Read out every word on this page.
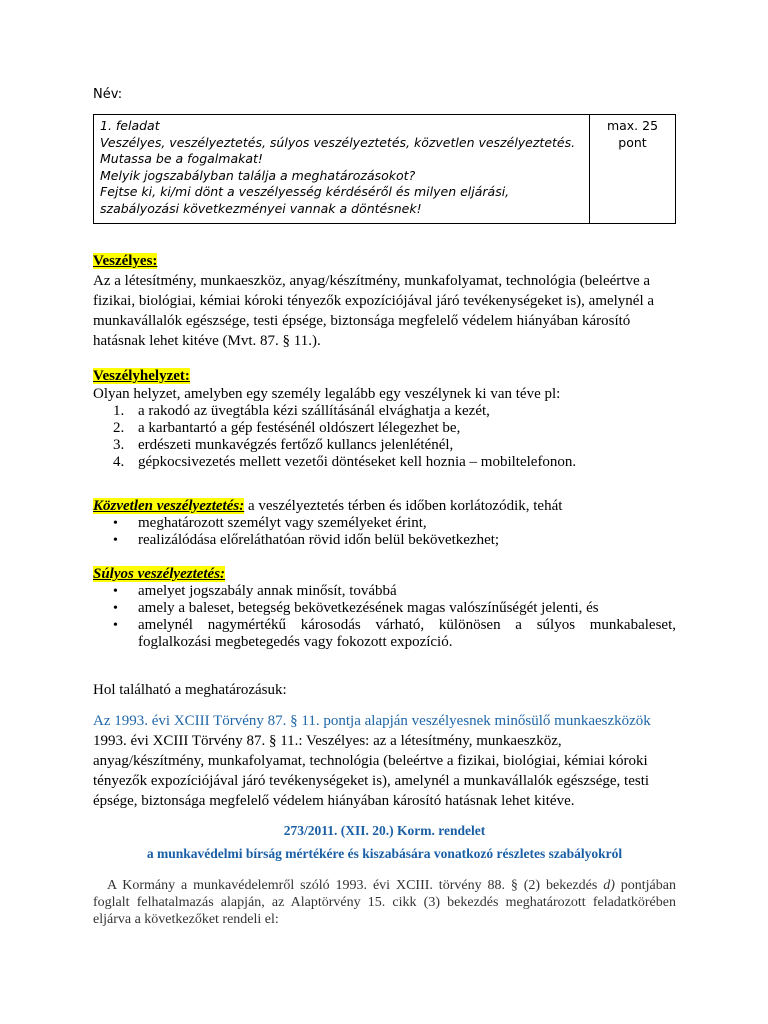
Név:
1. feladat
Veszélyes, veszélyeztetés, súlyos veszélyeztetés, közvetlen veszélyeztetés. Mutassa be a fogalmakat!
Melyik jogszabályban találja a meghatározásokot?
Fejtse ki, ki/mi dönt a veszélyesség kérdéséről és milyen eljárási, szabályozási következményei vannak a döntésnek!
	max. 25 pont
Veszélyes:
Az a létesítmény, munkaeszköz, anyag/készítmény, munkafolyamat, technológia (beleértve a fizikai, biológiai, kémiai kóroki tényezők expozíciójával járó tevékenységeket is), amelynél a munkavállalók egészsége, testi épsége, biztonsága megfelelő védelem hiányában károsító hatásnak lehet kitéve (Mvt. 87. § 11.).
Veszélyhelyzet:
Olyan helyzet, amelyben egy személy legalább egy veszélynek ki van téve pl:
1. a rakodó az üvegtábla kézi szállításánál elvághatja a kezét,
2. a karbantartó a gép festésénél oldószert lélegezhet be,
3. erdészeti munkavégzés fertőző kullancs jelenléténél,
4. gépkocsivezetés mellett vezetői döntéseket kell hoznia – mobiltelefonon.
Közvetlen veszélyeztetés: a veszélyeztetés térben és időben korlátozódik, tehát
• meghatározott személyt vagy személyeket érint,
• realizálódása előreláthatóan rövid időn belül bekövetkezhet;
Súlyos veszélyeztetés:
• amelyet jogszabály annak minősít, továbbá
• amely a baleset, betegség bekövetkezésének magas valószínűségét jelenti, és
• amelynél nagymértékű károsodás várható, különösen a súlyos munkabaleset, foglalkozási megbetegedés vagy fokozott expozíció.
Hol található a meghatározásuk:
Az 1993. évi XCIII Törvény 87. § 11. pontja alapján veszélyesnek minősülő munkaeszközök
1993. évi XCIII Törvény 87. § 11.: Veszélyes: az a létesítmény, munkaeszköz, anyag/készítmény, munkafolyamat, technológia (beleértve a fizikai, biológiai, kémiai kóroki tényezők expozíciójával járó tevékenységeket is), amelynél a munkavállalók egészsége, testi épsége, biztonsága megfelelő védelem hiányában károsító hatásnak lehet kitéve.
273/2011. (XII. 20.) Korm. rendelet
a munkavédelmi bírság mértékére és kiszabására vonatkozó részletes szabályokról
A Kormány a munkavédelemről szóló 1993. évi XCIII. törvény 88. § (2) bekezdés d) pontjában foglalt felhatalmazás alapján, az Alaptörvény 15. cikk (3) bekezdés meghatározott feladatkörében eljárva a következőket rendeli el:
